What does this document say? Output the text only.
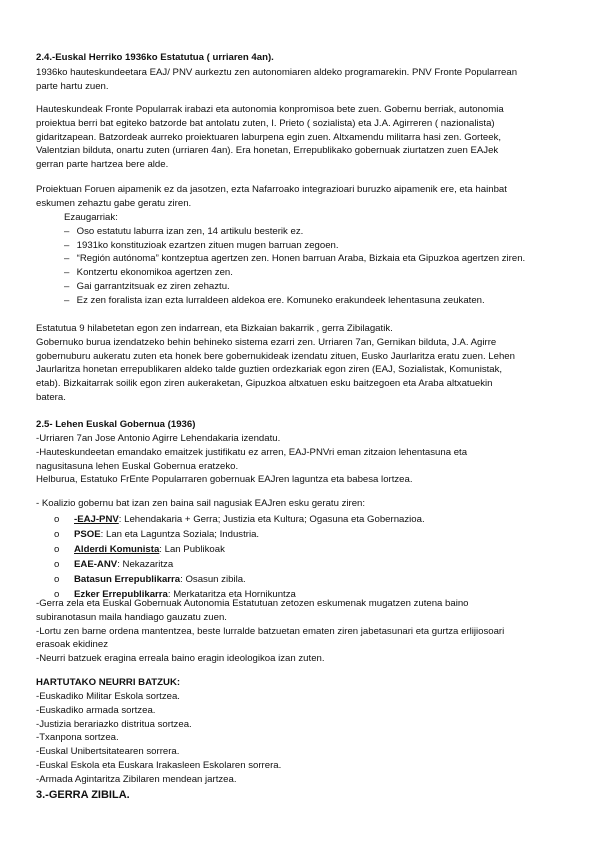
2.4.-Euskal Herriko 1936ko Estatutua ( urriaren 4an).
1936ko hauteskundeetara EAJ/ PNV aurkeztu zen autonomiaren aldeko programarekin. PNV Fronte Popularrean
parte hartu zuen.
Hauteskundeak Fronte Popularrak irabazi eta autonomia konpromisoa bete zuen. Gobernu berriak, autonomia
proiektua berri bat egiteko batzorde bat antolatu zuten, I. Prieto ( sozialista) eta J.A. Agirreren ( nazionalista)
gidaritzapean. Batzordeak aurreko proiektuaren laburpena egin zuen. Altxamendu militarra hasi zen. Gorteek,
Valentzian bilduta, onartu zuten (urriaren 4an). Era honetan, Errepublikako gobernuak ziurtatzen zuen EAJek
gerran parte hartzea bere alde.
Proiektuan Foruen aipamenik ez da jasotzen, ezta Nafarroako integrazioari buruzko aipamenik ere, eta hainbat
eskumen zehaztu gabe geratu ziren.
Ezaugarriak:
– Oso estatutu laburra izan zen, 14 artikulu besterik ez.
– 1931ko konstituzioak ezartzen zituen mugen barruan zegoen.
– “Región autónoma” kontzeptua agertzen zen. Honen barruan Araba, Bizkaia eta Gipuzkoa agertzen ziren.
– Kontzertu ekonomikoa agertzen zen.
– Gai garrantzitsuak ez ziren zehaztu.
– Ez zen foralista izan ezta lurraldeen aldekoa ere. Komuneko erakundeek lehentasuna zeukaten.
Estatutua 9 hilabetetan egon zen indarrean, eta Bizkaian bakarrik , gerra Zibilagatik.
Gobernuko burua izendatzeko behin behineko sistema ezarri zen. Urriaren 7an, Gernikan bilduta, J.A. Agirre
gobernuburu aukeratu zuten eta honek bere gobernukideak izendatu zituen, Eusko Jaurlaritza eratu zuen. Lehen
Jaurlaritza honetan errepublikaren aldeko talde guztien ordezkariak egon ziren (EAJ, Sozialistak, Komunistak,
etab). Bizkaitarrak soilik egon ziren aukeraketan, Gipuzkoa altxatuen esku baitzegoen eta Araba altxatuekin
batera.
2.5- Lehen Euskal Gobernua (1936)
-Urriaren 7an Jose Antonio Agirre Lehendakaria izendatu.
-Hauteskundeetan emandako emaitzek justifikatu ez arren, EAJ-PNVri eman zitzaion lehentasuna eta
nagusitasuna lehen Euskal Gobernua eratzeko.
Helburua, Estatuko FrEnte Popularraren gobernuak EAJren laguntza eta babesa lortzea.
- Koalizio gobernu bat izan zen baina sail nagusiak EAJren esku geratu ziren:
o -EAJ-PNV: Lehendakaria + Gerra; Justizia eta Kultura; Ogasuna eta Gobernazioa.
o PSOE: Lan eta Laguntza Soziala; Industria.
o Alderdi Komunista: Lan Publikoak
o EAE-ANV: Nekazaritza
o Batasun Errepublikarra: Osasun zibila.
o Ezker Errepublikarra: Merkataritza eta Hornikuntza
-Gerra zela eta Euskal Gobernuak Autonomia Estatutuan zetozen eskumenak mugatzen zutena baino
subiranotasun maila handiago gauzatu zuen.
-Lortu zen barne ordena mantentzea, beste lurralde batzuetan ematen ziren jabetasunari eta gurtza erlijiosoari
erasoak ekidinez
-Neurri batzuek eragina erreala baino eragin ideologikoa izan zuten.
HARTUTAKO NEURRI BATZUK:
-Euskadiko Militar Eskola sortzea.
-Euskadiko armada sortzea.
-Justizia berariazko distritua sortzea.
-Txanpona sortzea.
-Euskal Unibertsitatearen sorrera.
-Euskal Eskola eta Euskara Irakasleen Eskolaren sorrera.
-Armada Agintaritza Zibilaren mendean jartzea.
3.-GERRA ZIBILA.
